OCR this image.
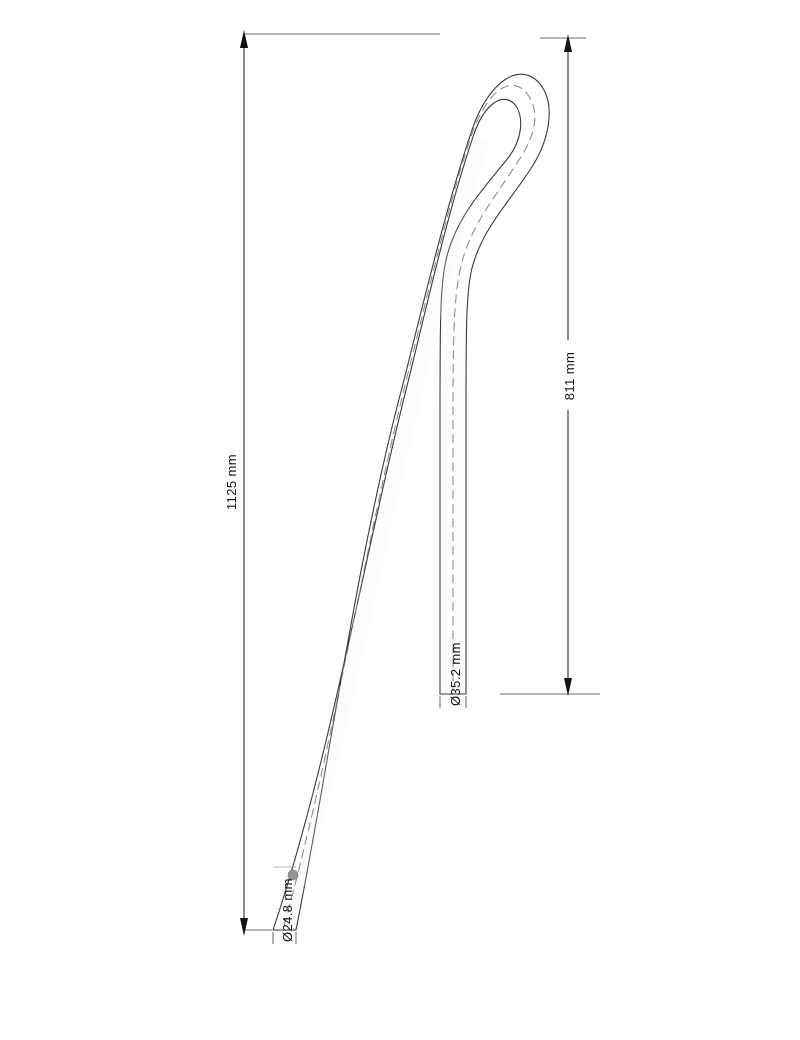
1125 mm
811 mm
Ø35.2 mm
Ø24.8 mm
